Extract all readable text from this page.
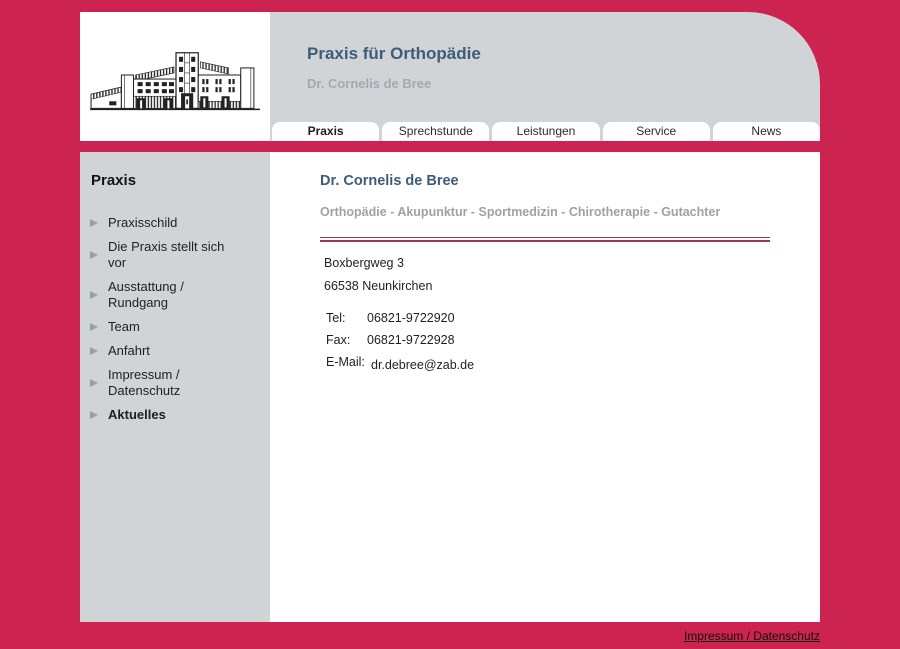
Praxis für Orthopädie
Dr. Cornelis de Bree
Praxis	Sprechstunde	Leistungen	Service	News
Praxis
Praxisschild
Die Praxis stellt sich vor
Ausstattung / Rundgang
Team
Anfahrt
Impressum / Datenschutz
Aktuelles
Dr. Cornelis de Bree
Orthopädie - Akupunktur - Sportmedizin - Chirotherapie - Gutachter
Boxbergweg 3
66538 Neunkirchen
Tel:	06821-9722920
Fax:	06821-9722928
E-Mail: dr.debree@zab.de
Impressum / Datenschutz
